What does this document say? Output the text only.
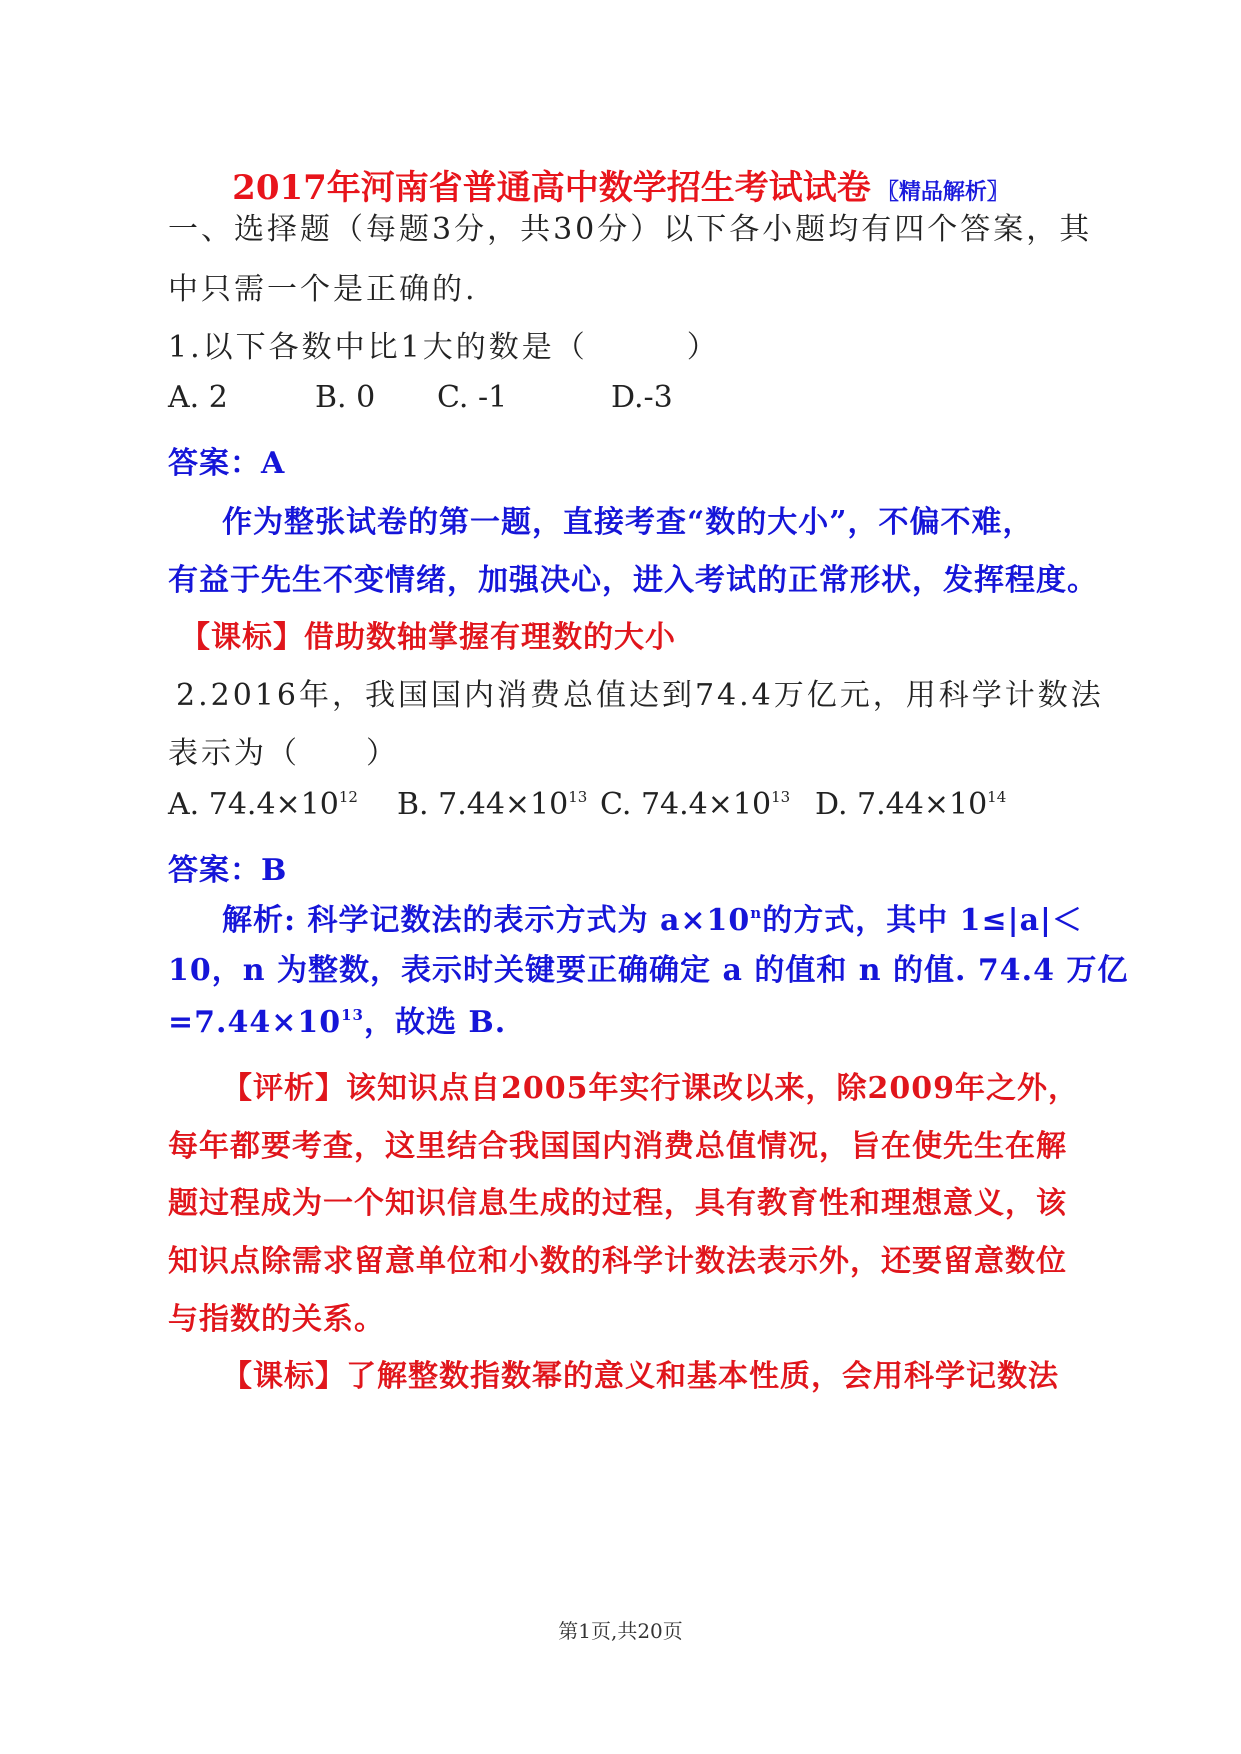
2017年河南省普通高中数学招生考试试卷 〖精品解析〗
一、选择题（每题3分，共30分）以下各小题均有四个答案，其
中只需一个是正确的.
1.以下各数中比1大的数是（　　　）
A. 2	B. 0 C. -1	D.-3
答案：A
作为整张试卷的第一题，直接考查“数的大小”，不偏不难，
有益于先生不变情绪，加强决心，进入考试的正常形状，发挥程度。
【课标】借助数轴掌握有理数的大小
2.2016年，我国国内消费总值达到74.4万亿元，用科学计数法
表示为（　　）
A. $74.4\times 10^{12}$ B. $7.44\times 10^{13}$ C. $74.4\times 10^{13}$ D. $7.44\times 10^{14}$
答案：B
解析: 科学记数法的表示方式为 $a\times 10^n$的方式，其中 1≤|a|＜
10，n 为整数，表示时关键要正确确定 a 的值和 n 的值. 74.4 万亿
$=7.44\times 10^{13}$，故选 B.
【评析】该知识点自2005年实行课改以来，除2009年之外，
每年都要考查，这里结合我国国内消费总值情况，旨在使先生在解
题过程成为一个知识信息生成的过程，具有教育性和理想意义，该
知识点除需求留意单位和小数的科学计数法表示外，还要留意数位
与指数的关系。
【课标】了解整数指数幂的意义和基本性质，会用科学记数法
第1页,共20页
